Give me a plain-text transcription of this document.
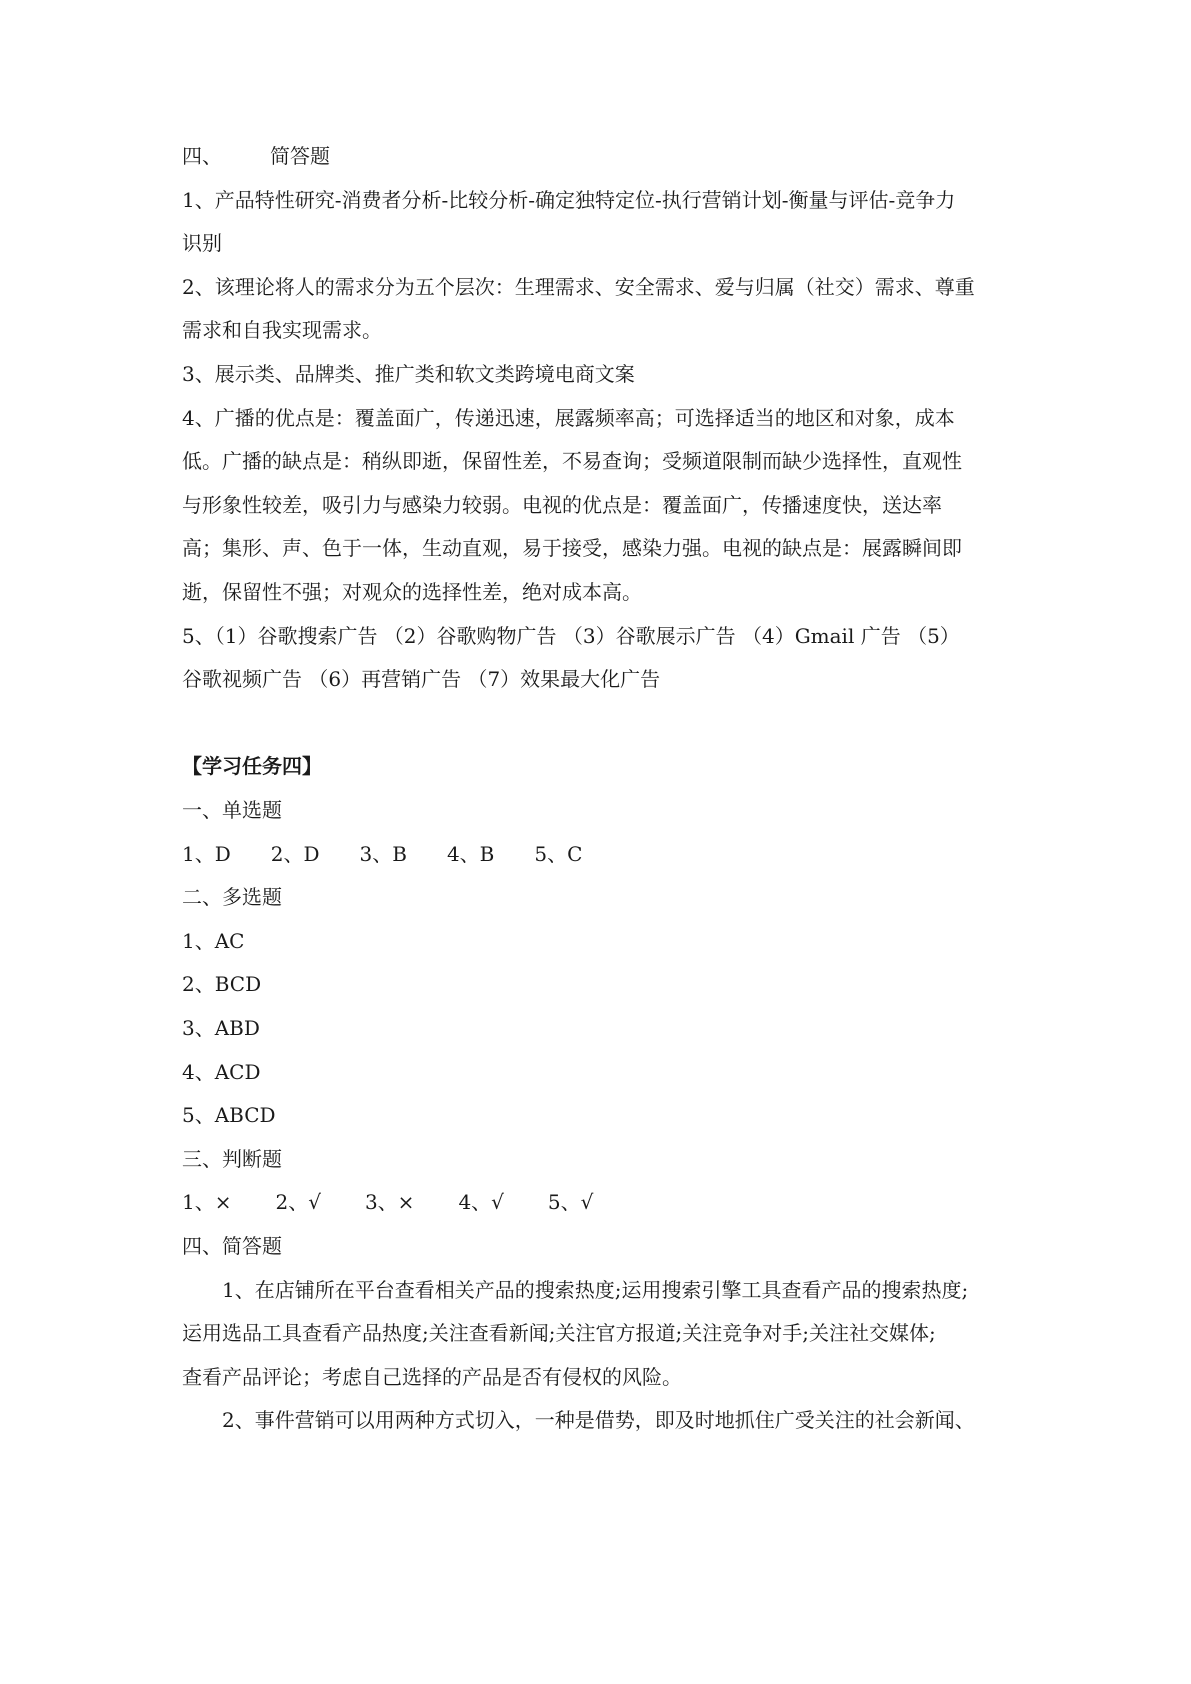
四、 简答题
1、产品特性研究-消费者分析-比较分析-确定独特定位-执行营销计划-衡量与评估-竞争力
识别
2、该理论将人的需求分为五个层次：生理需求、安全需求、爱与归属（社交）需求、尊重
需求和自我实现需求。
3、展示类、品牌类、推广类和软文类跨境电商文案
4、广播的优点是：覆盖面广，传递迅速，展露频率高；可选择适当的地区和对象，成本
低。广播的缺点是：稍纵即逝，保留性差，不易查询；受频道限制而缺少选择性，直观性
与形象性较差，吸引力与感染力较弱。电视的优点是：覆盖面广，传播速度快，送达率
高；集形、声、色于一体，生动直观，易于接受，感染力强。电视的缺点是：展露瞬间即
逝，保留性不强；对观众的选择性差，绝对成本高。
5、（1）谷歌搜索广告 （2）谷歌购物广告 （3）谷歌展示广告 （4）Gmail 广告 （5）
谷歌视频广告 （6）再营销广告 （7）效果最大化广告
【学习任务四】
一、单选题
1、D 2、D 3、B 4、B 5、C
二、多选题
1、AC
2、BCD
3、ABD
4、ACD
5、ABCD
三、判断题
1、× 2、√ 3、× 4、√ 5、√
四、简答题
1、在店铺所在平台查看相关产品的搜索热度;运用搜索引擎工具查看产品的搜索热度;
运用选品工具查看产品热度;关注查看新闻;关注官方报道;关注竞争对手;关注社交媒体;
查看产品评论；考虑自己选择的产品是否有侵权的风险。
2、事件营销可以用两种方式切入，一种是借势，即及时地抓住广受关注的社会新闻、
